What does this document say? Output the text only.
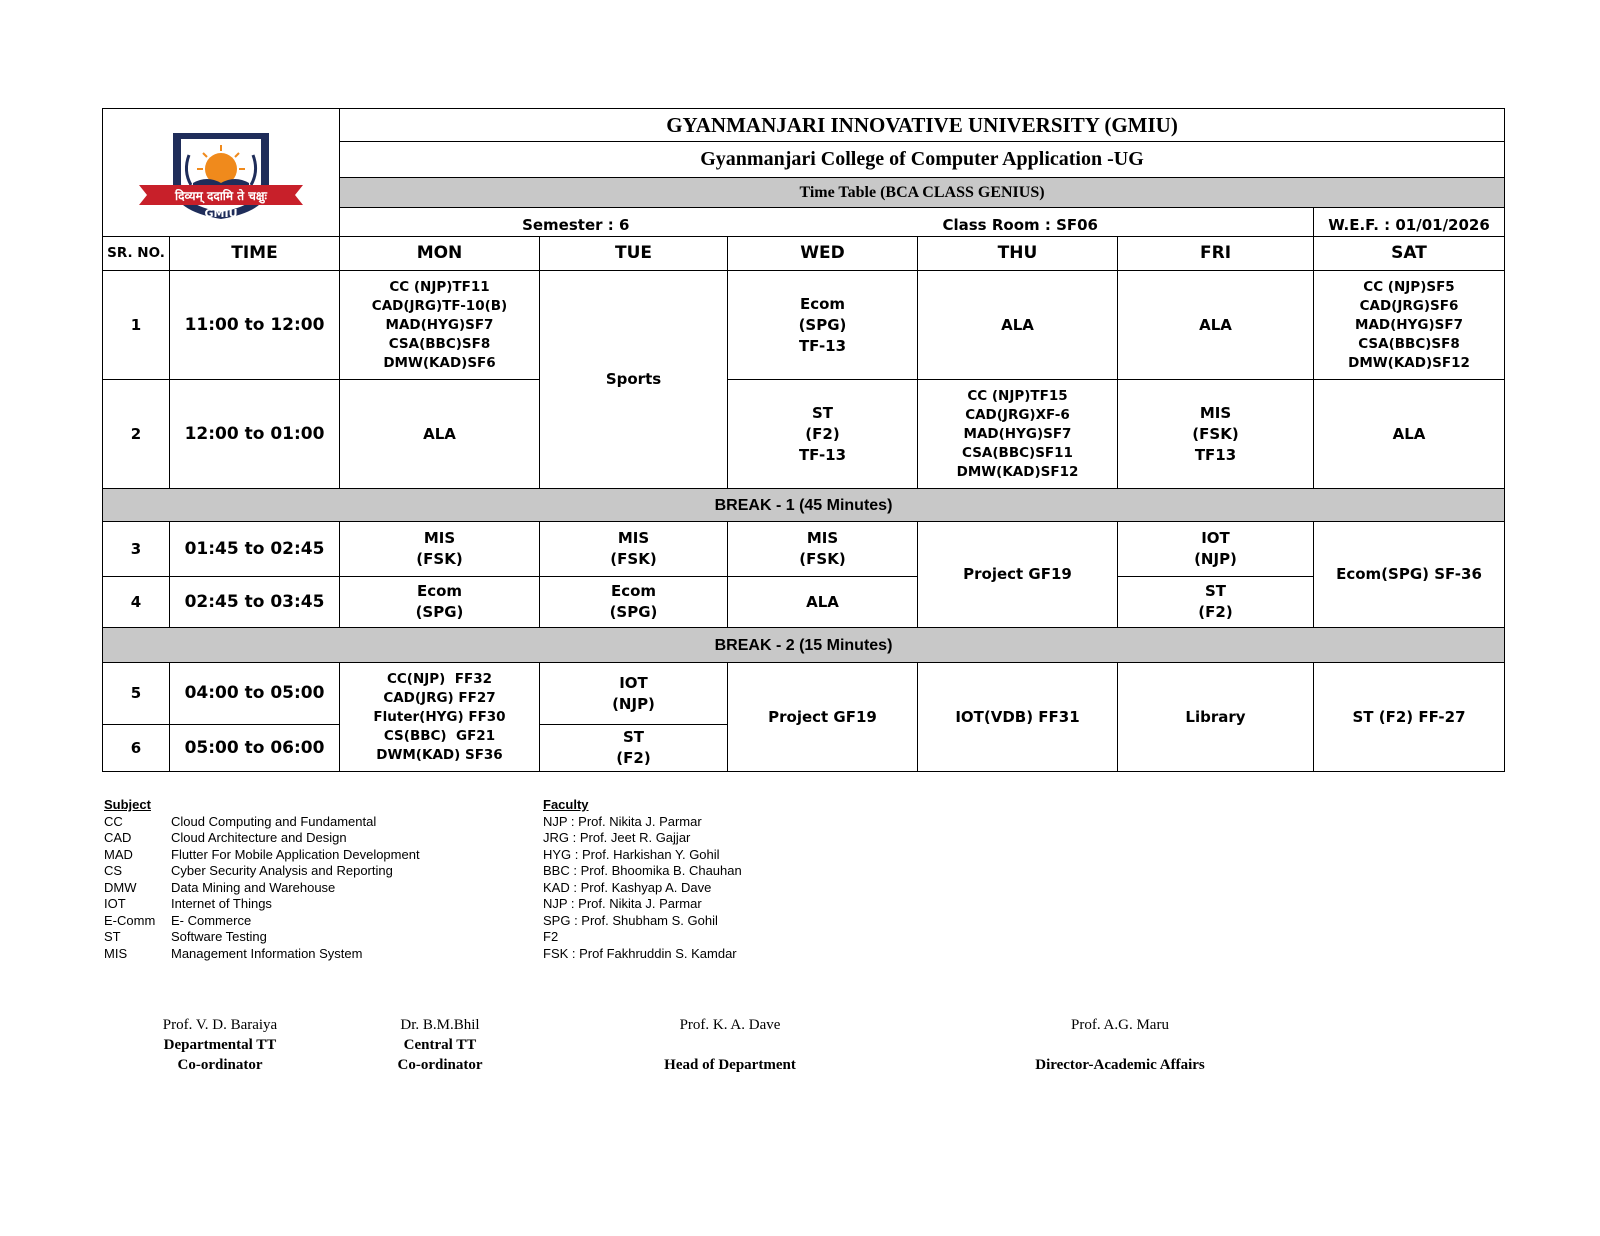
दिव्यम् ददामि ते चक्षुः
GMIU		GYANMANJARI INNOVATIVE UNIVERSITY (GMIU)					
		Gyanmanjari College of Computer Application -UG					
		Time Table (BCA CLASS GENIUS)					
		Semester : 6		Class Room : SF06			W.E.F. : 01/01/2026
SR. NO.	TIME	MON	TUE	WED	THU	FRI	SAT
1	11:00 to 12:00	CC (NJP)TF11
CAD(JRG)TF-10(B)
MAD(HYG)SF7
CSA(BBC)SF8
DMW(KAD)SF6	Sports	Ecom
(SPG)
TF-13	ALA	ALA	CC (NJP)SF5
CAD(JRG)SF6
MAD(HYG)SF7
CSA(BBC)SF8
DMW(KAD)SF12

2	12:00 to 01:00	ALA		ST
(F2)
TF-13	CC (NJP)TF15
CAD(JRG)XF-6
MAD(HYG)SF7
CSA(BBC)SF11
DMW(KAD)SF12	MIS
(FSK)
TF13	ALA
BREAK - 1 (45 Minutes)							
3	01:45 to 02:45	MIS
(FSK)	MIS
(FSK)	MIS
(FSK)	Project GF19	IOT
(NJP)	Ecom(SPG) SF-36
4	02:45 to 03:45	Ecom
(SPG)	Ecom
(SPG)	ALA		ST
(F2)	

BREAK - 2 (15 Minutes)							
5	04:00 to 05:00	CC(NJP)  FF32
CAD(JRG) FF27
Fluter(HYG) FF30
CS(BBC)  GF21
DWM(KAD) SF36	IOT
(NJP)	Project GF19	IOT(VDB) FF31	Library	ST (F2) FF-27
6	05:00 to 06:00		ST
(F2)				
Subject
CC	Cloud Computing and Fundamental
CAD	Cloud Architecture and Design
MAD	Flutter For Mobile Application Development
CS	Cyber Security Analysis and Reporting
DMW	Data Mining and Warehouse
IOT	Internet of Things
E-Comm	E- Commerce
ST	Software Testing
MIS	Management Information System
Faculty
NJP : Prof. Nikita J. Parmar
JRG : Prof. Jeet R. Gajjar
HYG : Prof. Harkishan Y. Gohil
BBC : Prof. Bhoomika B. Chauhan
KAD : Prof. Kashyap A. Dave
NJP : Prof. Nikita J. Parmar
SPG : Prof. Shubham S. Gohil
F2
FSK : Prof Fakhruddin S. Kamdar
Prof. V. D. Baraiya
Departmental TT
Co-ordinator
Dr. B.M.Bhil
Central TT
Co-ordinator
Prof. K. A. Dave
Head of Department
Prof. A.G. Maru
Director-Academic Affairs
